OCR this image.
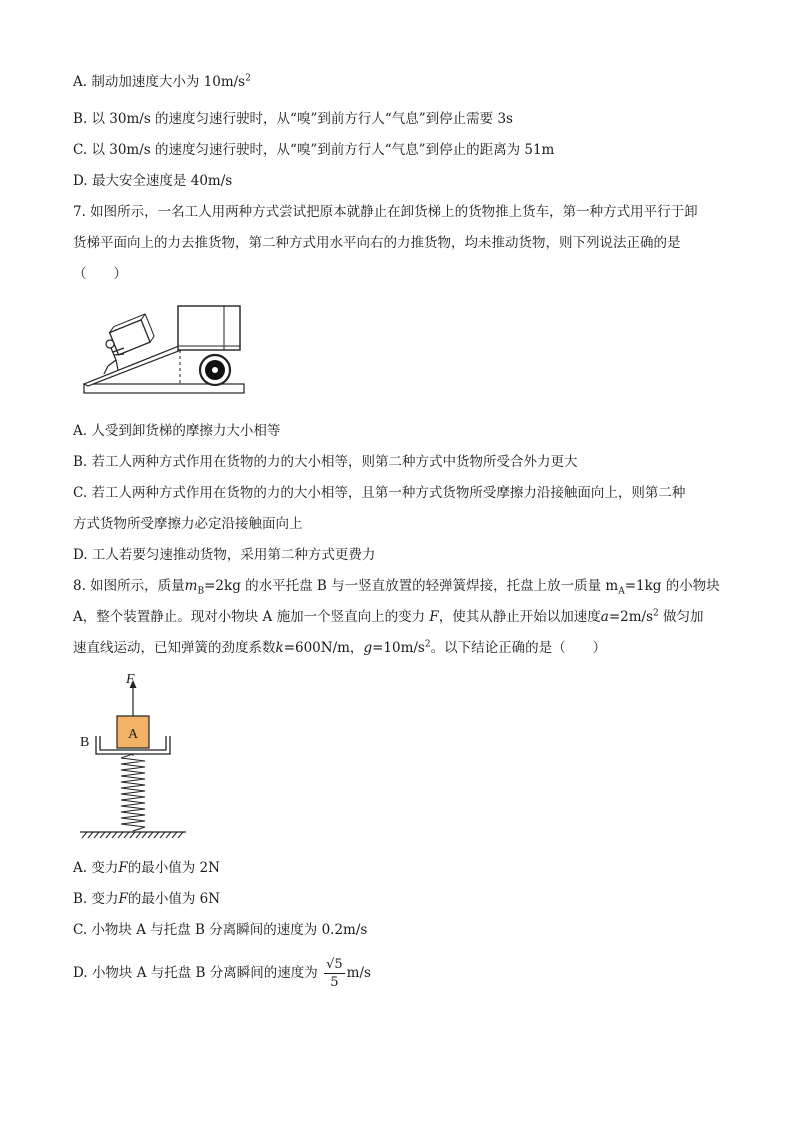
A. 制动加速度大小为 $10m/s^2$
B. 以 30m/s 的速度匀速行驶时，从“嗅”到前方行人“气息”到停止需要 3s
C. 以 30m/s 的速度匀速行驶时，从“嗅”到前方行人“气息”到停止的距离为 51m
D. 最大安全速度是 40m/s
7. 如图所示，一名工人用两种方式尝试把原本就静止在卸货梯上的货物推上货车，第一种方式用平行于卸
货梯平面向上的力去推货物，第二种方式用水平向右的力推货物，均未推动货物，则下列说法正确的是
（　　）
A. 人受到卸货梯的摩擦力大小相等
B. 若工人两种方式作用在货物的力的大小相等，则第二种方式中货物所受合外力更大
C. 若工人两种方式作用在货物的力的大小相等，且第一种方式货物所受摩擦力沿接触面向上，则第二种
方式货物所受摩擦力必定沿接触面向上
D. 工人若要匀速推动货物，采用第二种方式更费力
8. 如图所示，质量$m_B=2kg$ 的水平托盘 B 与一竖直放置的轻弹簧焊接，托盘上放一质量 $m_A=1kg$ 的小物块
A，整个装置静止。现对小物块 A 施加一个竖直向上的变力 F，使其从静止开始以加速度$a=2m/s^2$ 做匀加
速直线运动，已知弹簧的劲度系数k=600N/m，$g=10m/s^2$。以下结论正确的是（　　）
F
A
B
A. 变力F的最小值为 2N
B. 变力F的最小值为 6N
C. 小物块 A 与托盘 B 分离瞬间的速度为 0.2m/s
D. 小物块 A 与托盘 B 分离瞬间的速度为 $\frac{√5}{5} m/s$
